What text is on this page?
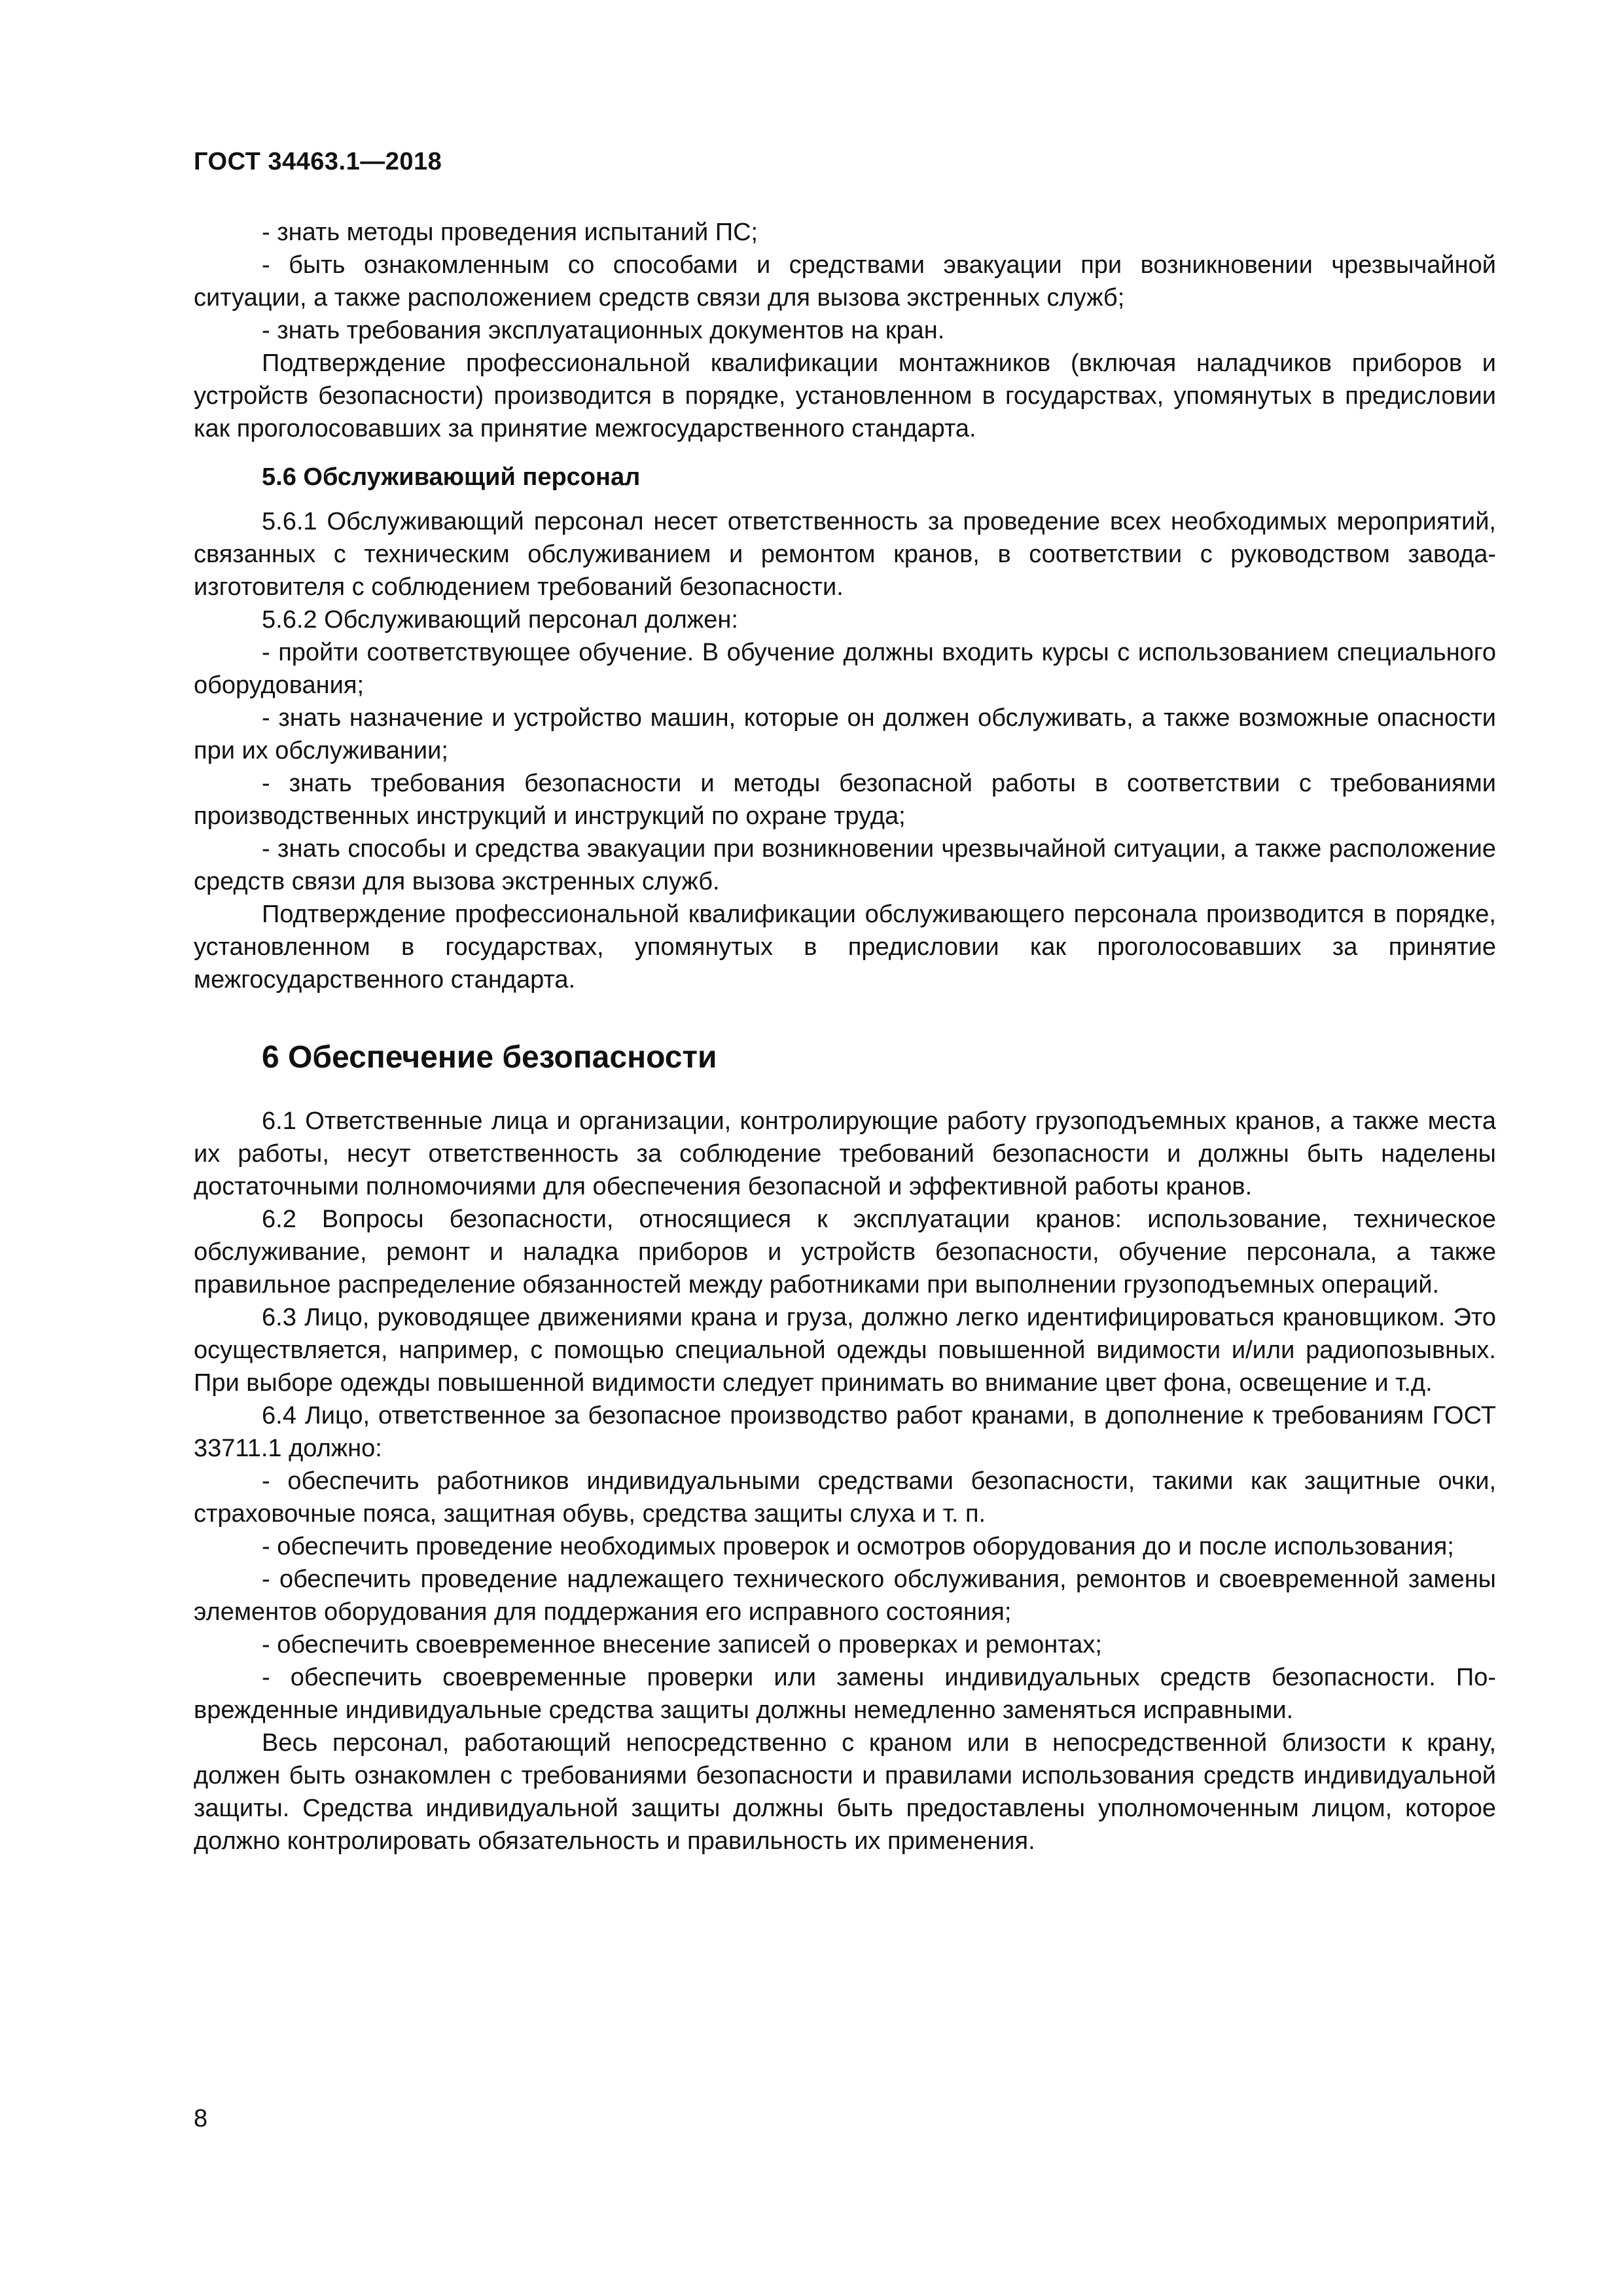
ГОСТ 34463.1—2018

- знать методы проведения испытаний ПС;

- быть ознакомленным со способами и средствами эвакуации при возникновении чрезвычайной ситуации, а также расположением средств связи для вызова экстренных служб;

- знать требования эксплуатационных документов на кран.

Подтверждение профессиональной квалификации монтажников (включая наладчиков приборов и устройств безопасности) производится в порядке, установленном в государствах, упомянутых в предисловии как проголосовавших за принятие межгосударственного стандарта.

5.6 Обслуживающий персонал

5.6.1 Обслуживающий персонал несет ответственность за проведение всех необходимых мероприятий, связанных с техническим обслуживанием и ремонтом кранов, в соответствии с руководством завода-изготовителя с соблюдением требований безопасности.

5.6.2 Обслуживающий персонал должен:

- пройти соответствующее обучение. В обучение должны входить курсы с использованием специального оборудования;

- знать назначение и устройство машин, которые он должен обслуживать, а также возможные опасности при их обслуживании;

- знать требования безопасности и методы безопасной работы в соответствии с требованиями производственных инструкций и инструкций по охране труда;

- знать способы и средства эвакуации при возникновении чрезвычайной ситуации, а также расположение средств связи для вызова экстренных служб.

Подтверждение профессиональной квалификации обслуживающего персонала производится в порядке, установленном в государствах, упомянутых в предисловии как проголосовавших за принятие межгосударственного стандарта.

6 Обеспечение безопасности

6.1 Ответственные лица и организации, контролирующие работу грузоподъемных кранов, а также места их работы, несут ответственность за соблюдение требований безопасности и должны быть наделены достаточными полномочиями для обеспечения безопасной и эффективной работы кранов.

6.2 Вопросы безопасности, относящиеся к эксплуатации кранов: использование, техническое обслуживание, ремонт и наладка приборов и устройств безопасности, обучение персонала, а также правильное распределение обязанностей между работниками при выполнении грузоподъемных операций.

6.3 Лицо, руководящее движениями крана и груза, должно легко идентифицироваться крановщиком. Это осуществляется, например, с помощью специальной одежды повышенной видимости и/или радиопозывных. При выборе одежды повышенной видимости следует принимать во внимание цвет фона, освещение и т.д.

6.4 Лицо, ответственное за безопасное производство работ кранами, в дополнение к требованиям ГОСТ 33711.1 должно:

- обеспечить работников индивидуальными средствами безопасности, такими как защитные очки, страховочные пояса, защитная обувь, средства защиты слуха и т. п.

- обеспечить проведение необходимых проверок и осмотров оборудования до и после использования;

- обеспечить проведение надлежащего технического обслуживания, ремонтов и своевременной замены элементов оборудования для поддержания его исправного состояния;

- обеспечить своевременное внесение записей о проверках и ремонтах;

- обеспечить своевременные проверки или замены индивидуальных средств безопасности. Поврежденные индивидуальные средства защиты должны немедленно заменяться исправными.

Весь персонал, работающий непосредственно с краном или в непосредственной близости к крану, должен быть ознакомлен с требованиями безопасности и правилами использования средств индивидуальной защиты. Средства индивидуальной защиты должны быть предоставлены уполномоченным лицом, которое должно контролировать обязательность и правильность их применения.

8
